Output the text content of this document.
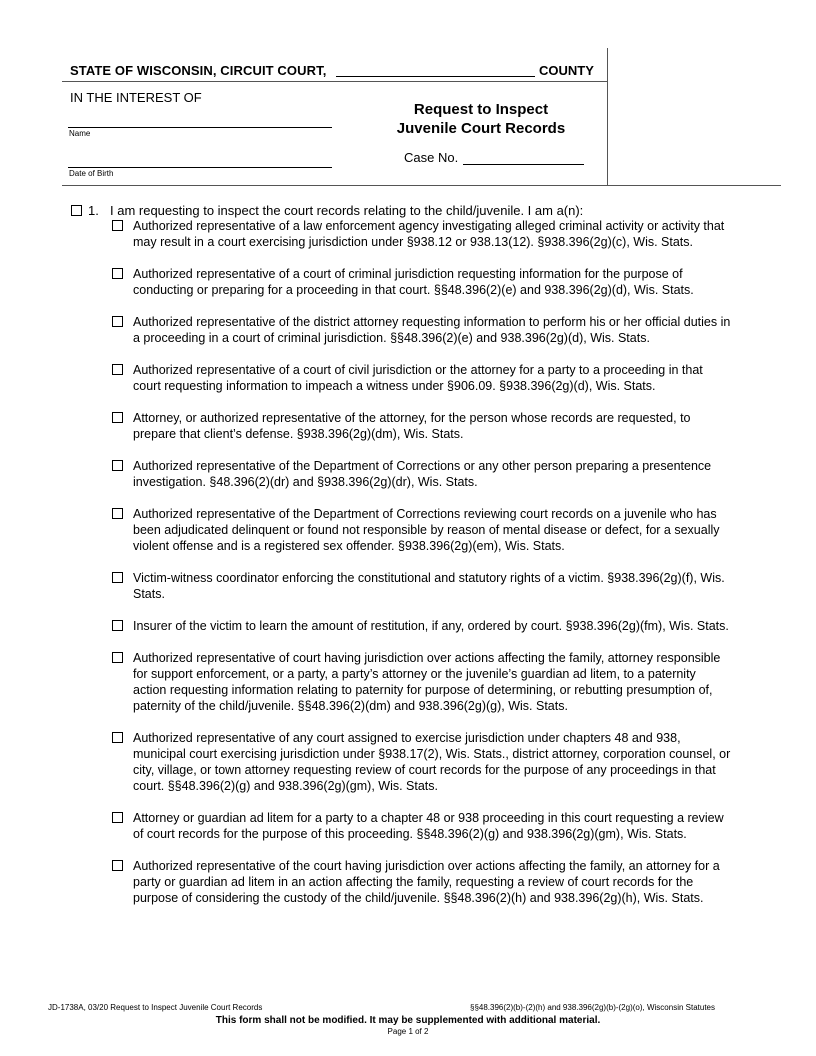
STATE OF WISCONSIN, CIRCUIT COURT,	COUNTY
IN THE INTEREST OF
Name
Date of Birth
Request to Inspect
Juvenile Court Records
Case No.
1. I am requesting to inspect the court records relating to the child/juvenile. I am a(n):
Authorized representative of a law enforcement agency investigating alleged criminal activity or activity that
may result in a court exercising jurisdiction under §938.12 or 938.13(12). §938.396(2g)(c), Wis. Stats.
Authorized representative of a court of criminal jurisdiction requesting information for the purpose of
conducting or preparing for a proceeding in that court. §§48.396(2)(e) and 938.396(2g)(d), Wis. Stats.
Authorized representative of the district attorney requesting information to perform his or her official duties in
a proceeding in a court of criminal jurisdiction. §§48.396(2)(e) and 938.396(2g)(d), Wis. Stats.
Authorized representative of a court of civil jurisdiction or the attorney for a party to a proceeding in that
court requesting information to impeach a witness under §906.09. §938.396(2g)(d), Wis. Stats.
Attorney, or authorized representative of the attorney, for the person whose records are requested, to
prepare that client’s defense. §938.396(2g)(dm), Wis. Stats.
Authorized representative of the Department of Corrections or any other person preparing a presentence
investigation. §48.396(2)(dr) and §938.396(2g)(dr), Wis. Stats.
Authorized representative of the Department of Corrections reviewing court records on a juvenile who has
been adjudicated delinquent or found not responsible by reason of mental disease or defect, for a sexually
violent offense and is a registered sex offender. §938.396(2g)(em), Wis. Stats.
Victim-witness coordinator enforcing the constitutional and statutory rights of a victim. §938.396(2g)(f), Wis.
Stats.
Insurer of the victim to learn the amount of restitution, if any, ordered by court. §938.396(2g)(fm), Wis. Stats.
Authorized representative of court having jurisdiction over actions affecting the family, attorney responsible
for support enforcement, or a party, a party’s attorney or the juvenile’s guardian ad litem, to a paternity
action requesting information relating to paternity for purpose of determining, or rebutting presumption of,
paternity of the child/juvenile. §§48.396(2)(dm) and 938.396(2g)(g), Wis. Stats.
Authorized representative of any court assigned to exercise jurisdiction under chapters 48 and 938,
municipal court exercising jurisdiction under §938.17(2), Wis. Stats., district attorney, corporation counsel, or
city, village, or town attorney requesting review of court records for the purpose of any proceedings in that
court. §§48.396(2)(g) and 938.396(2g)(gm), Wis. Stats.
Attorney or guardian ad litem for a party to a chapter 48 or 938 proceeding in this court requesting a review
of court records for the purpose of this proceeding. §§48.396(2)(g) and 938.396(2g)(gm), Wis. Stats.
Authorized representative of the court having jurisdiction over actions affecting the family, an attorney for a
party or guardian ad litem in an action affecting the family, requesting a review of court records for the
purpose of considering the custody of the child/juvenile. §§48.396(2)(h) and 938.396(2g)(h), Wis. Stats.
JD-1738A, 03/20 Request to Inspect Juvenile Court Records	§§48.396(2)(b)-(2)(h) and 938.396(2g)(b)-(2g)(o), Wisconsin Statutes
This form shall not be modified. It may be supplemented with additional material.
Page 1 of 2
